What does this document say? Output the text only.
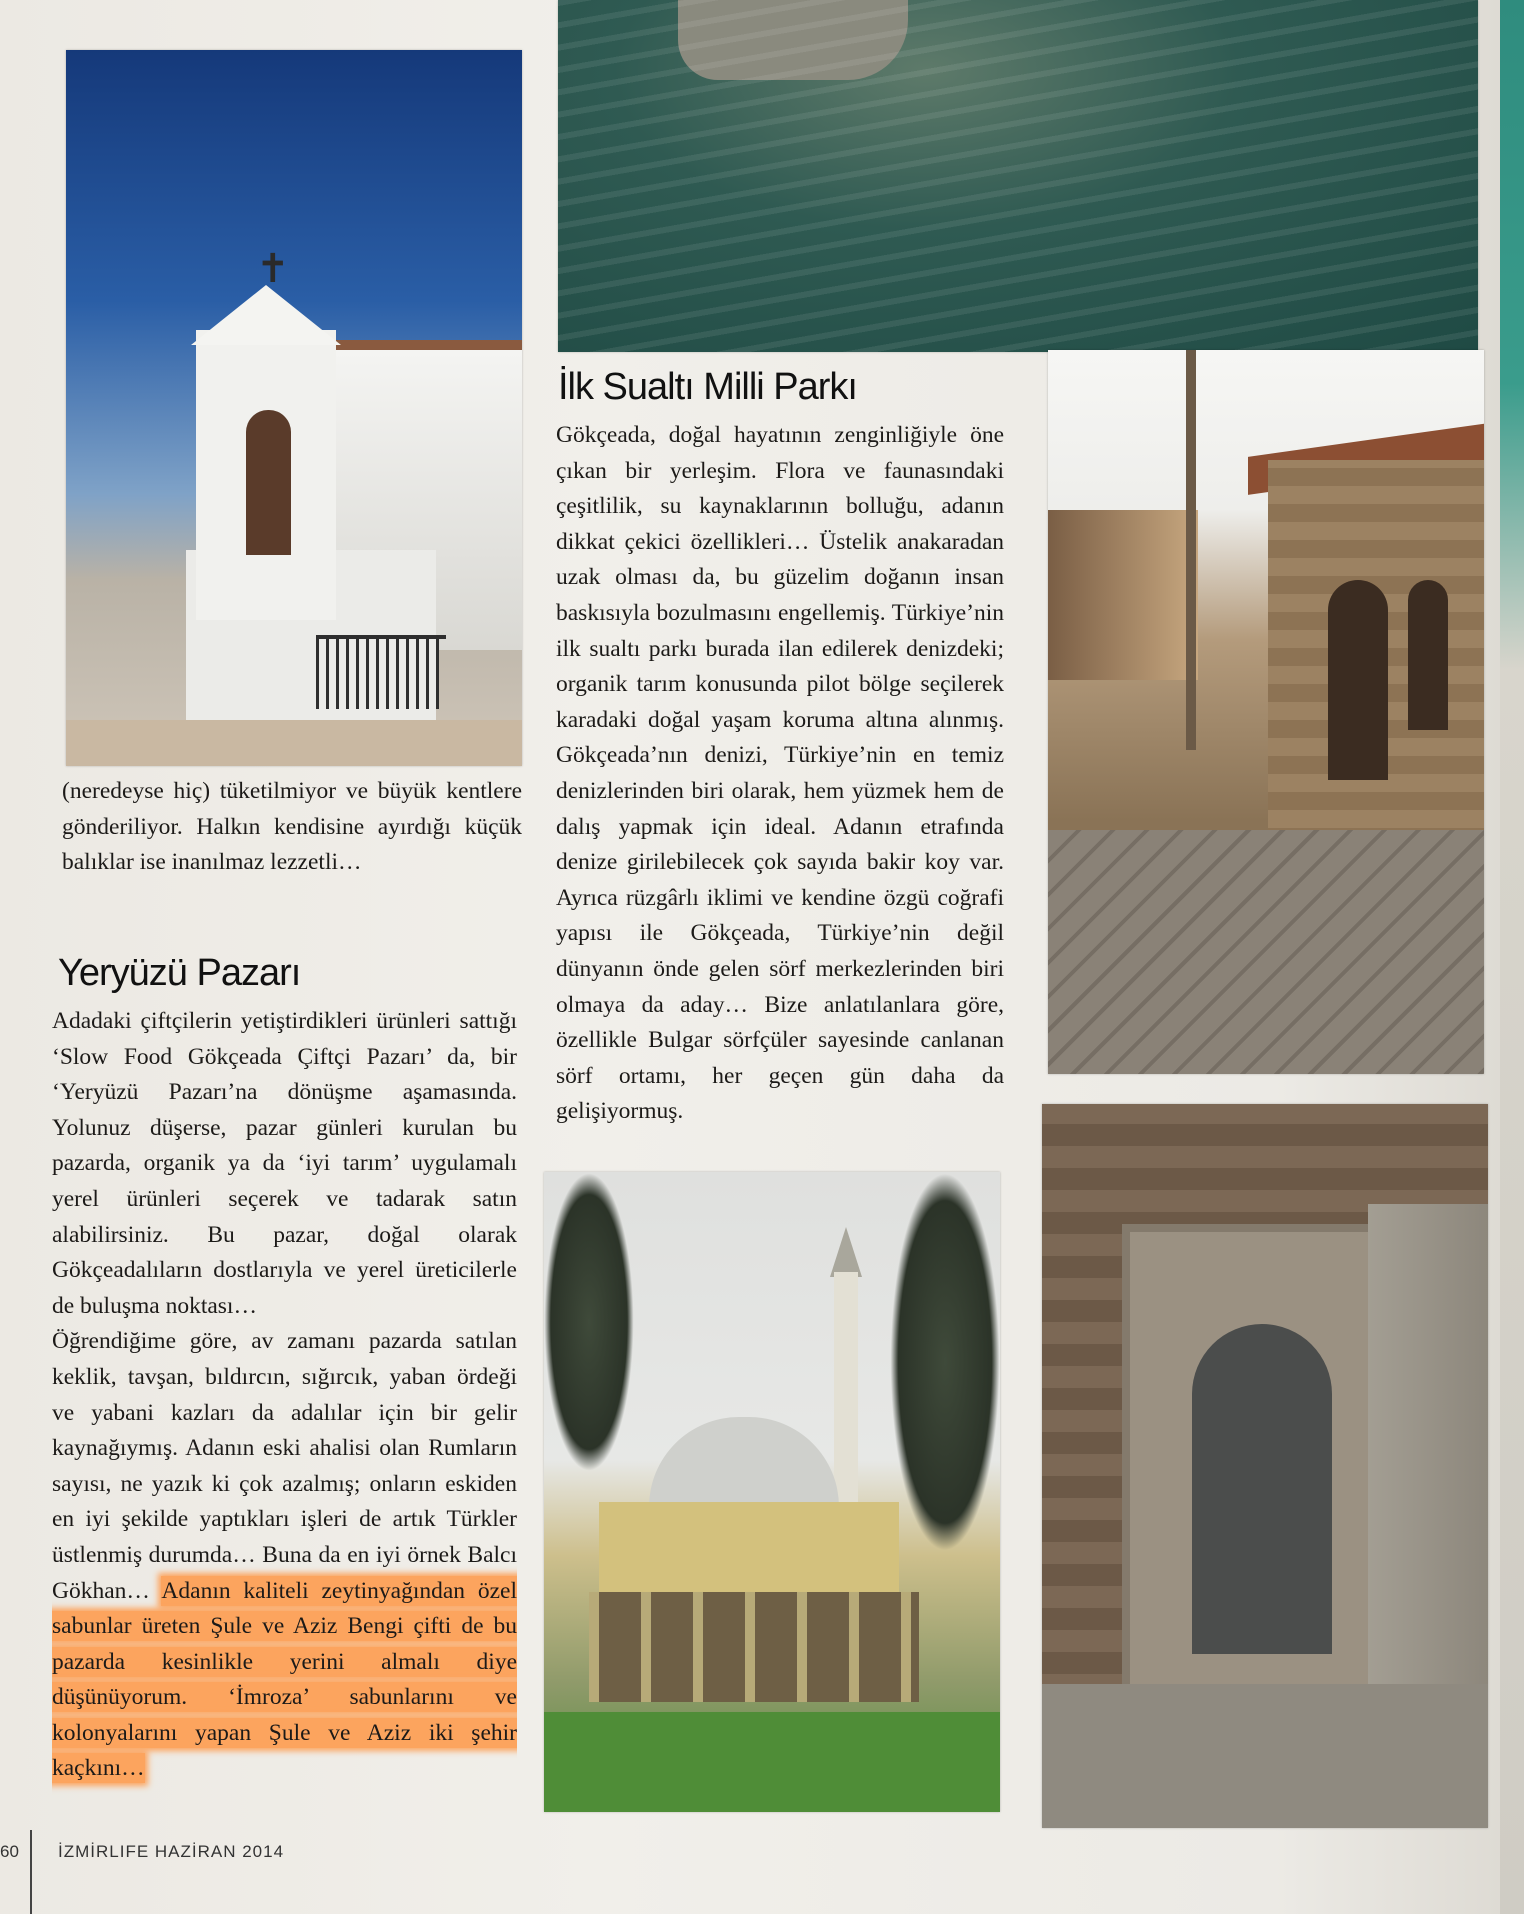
✝

(neredeyse hiç) tüketilmiyor ve büyük kentlere gönderiliyor. Halkın kendisine ayırdığı küçük balıklar ise inanılmaz lezzetli…

Yeryüzü Pazarı

Adadaki çiftçilerin yetiştirdikleri ürünleri sattığı ‘Slow Food Gökçeada Çiftçi Pazarı’ da, bir ‘Yeryüzü Pazarı’na dönüşme aşamasında. Yolunuz düşerse, pazar günleri kurulan bu pazarda, organik ya da ‘iyi tarım’ uygulamalı yerel ürünleri seçerek ve tadarak satın alabilirsiniz. Bu pazar, doğal olarak Gökçeadalıların dostlarıyla ve yerel üreticilerle de buluşma noktası…

Öğrendiğime göre, av zamanı pazarda satılan keklik, tavşan, bıldırcın, sığırcık, yaban ördeği ve yabani kazları da adalılar için bir gelir kaynağıymış. Adanın eski ahalisi olan Rumların sayısı, ne yazık ki çok azalmış; onların eskiden en iyi şekilde yaptıkları işleri de artık Türkler üstlenmiş durumda… Buna da en iyi örnek Balcı Gökhan… Adanın kaliteli zeytinyağından özel sabunlar üreten Şule ve Aziz Bengi çifti de bu pazarda kesinlikle yerini almalı diye düşünüyorum. ‘İmroza’ sabunlarını ve kolonyalarını yapan Şule ve Aziz iki şehir kaçkını…

İlk Sualtı Milli Parkı

Gökçeada, doğal hayatının zenginliğiyle öne çıkan bir yerleşim. Flora ve faunasındaki çeşitlilik, su kaynaklarının bolluğu, adanın dikkat çekici özellikleri… Üstelik anakaradan uzak olması da, bu güzelim doğanın insan baskısıyla bozulmasını engellemiş. Türkiye’nin ilk sualtı parkı burada ilan edilerek denizdeki; organik tarım konusunda pilot bölge seçilerek karadaki doğal yaşam koruma altına alınmış. Gökçeada’nın denizi, Türkiye’nin en temiz denizlerinden biri olarak, hem yüzmek hem de dalış yapmak için ideal. Adanın etrafında denize girilebilecek çok sayıda bakir koy var. Ayrıca rüzgârlı iklimi ve kendine özgü coğrafi yapısı ile Gökçeada, Türkiye’nin değil dünyanın önde gelen sörf merkezlerinden biri olmaya da aday… Bize anlatılanlara göre, özellikle Bulgar sörfçüler sayesinde canlanan sörf ortamı, her geçen gün daha da gelişiyormuş.

60 İZMİRLIFE HAZİRAN 2014
